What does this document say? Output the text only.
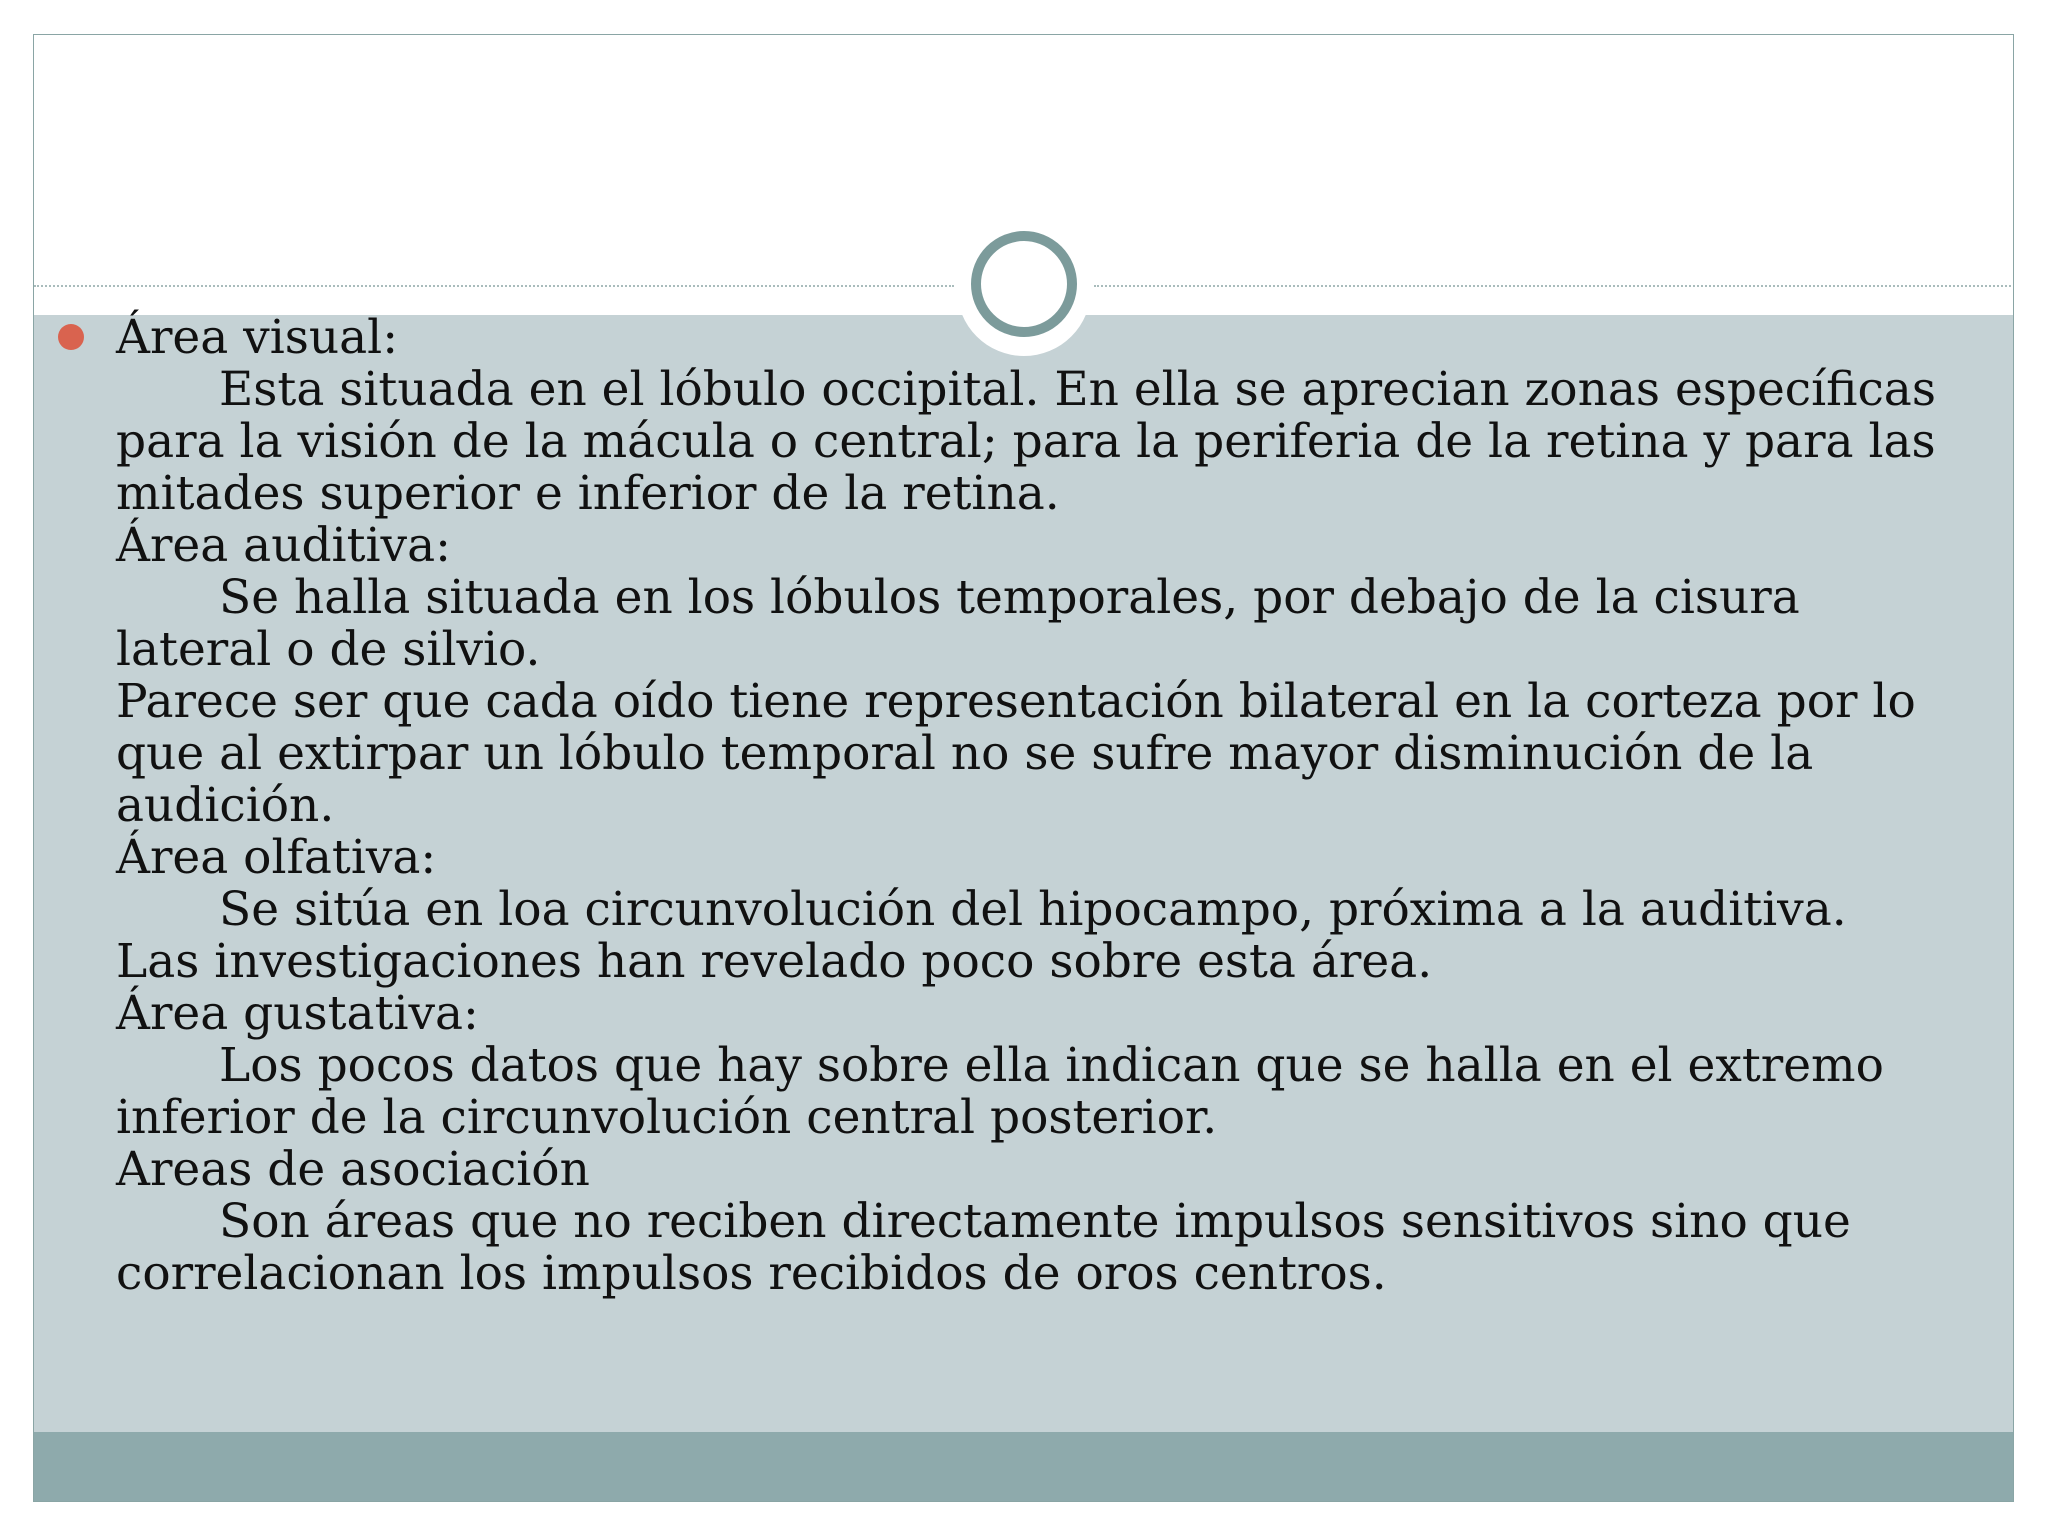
Área visual:
Esta situada en el lóbulo occipital. En ella se aprecian zonas específicas
para la visión de la mácula o central; para la periferia de la retina y para las
mitades superior e inferior de la retina.
Área auditiva:
Se halla situada en los lóbulos temporales, por debajo de la cisura
lateral o de silvio.
Parece ser que cada oído tiene representación bilateral en la corteza por lo
que al extirpar un lóbulo temporal no se sufre mayor disminución de la
audición.
Área olfativa:
Se sitúa en loa circunvolución del hipocampo, próxima a la auditiva.
Las investigaciones han revelado poco sobre esta área.
Área gustativa:
Los pocos datos que hay sobre ella indican que se halla en el extremo
inferior de la circunvolución central posterior.
Areas de asociación
Son áreas que no reciben directamente impulsos sensitivos sino que
correlacionan los impulsos recibidos de oros centros.
